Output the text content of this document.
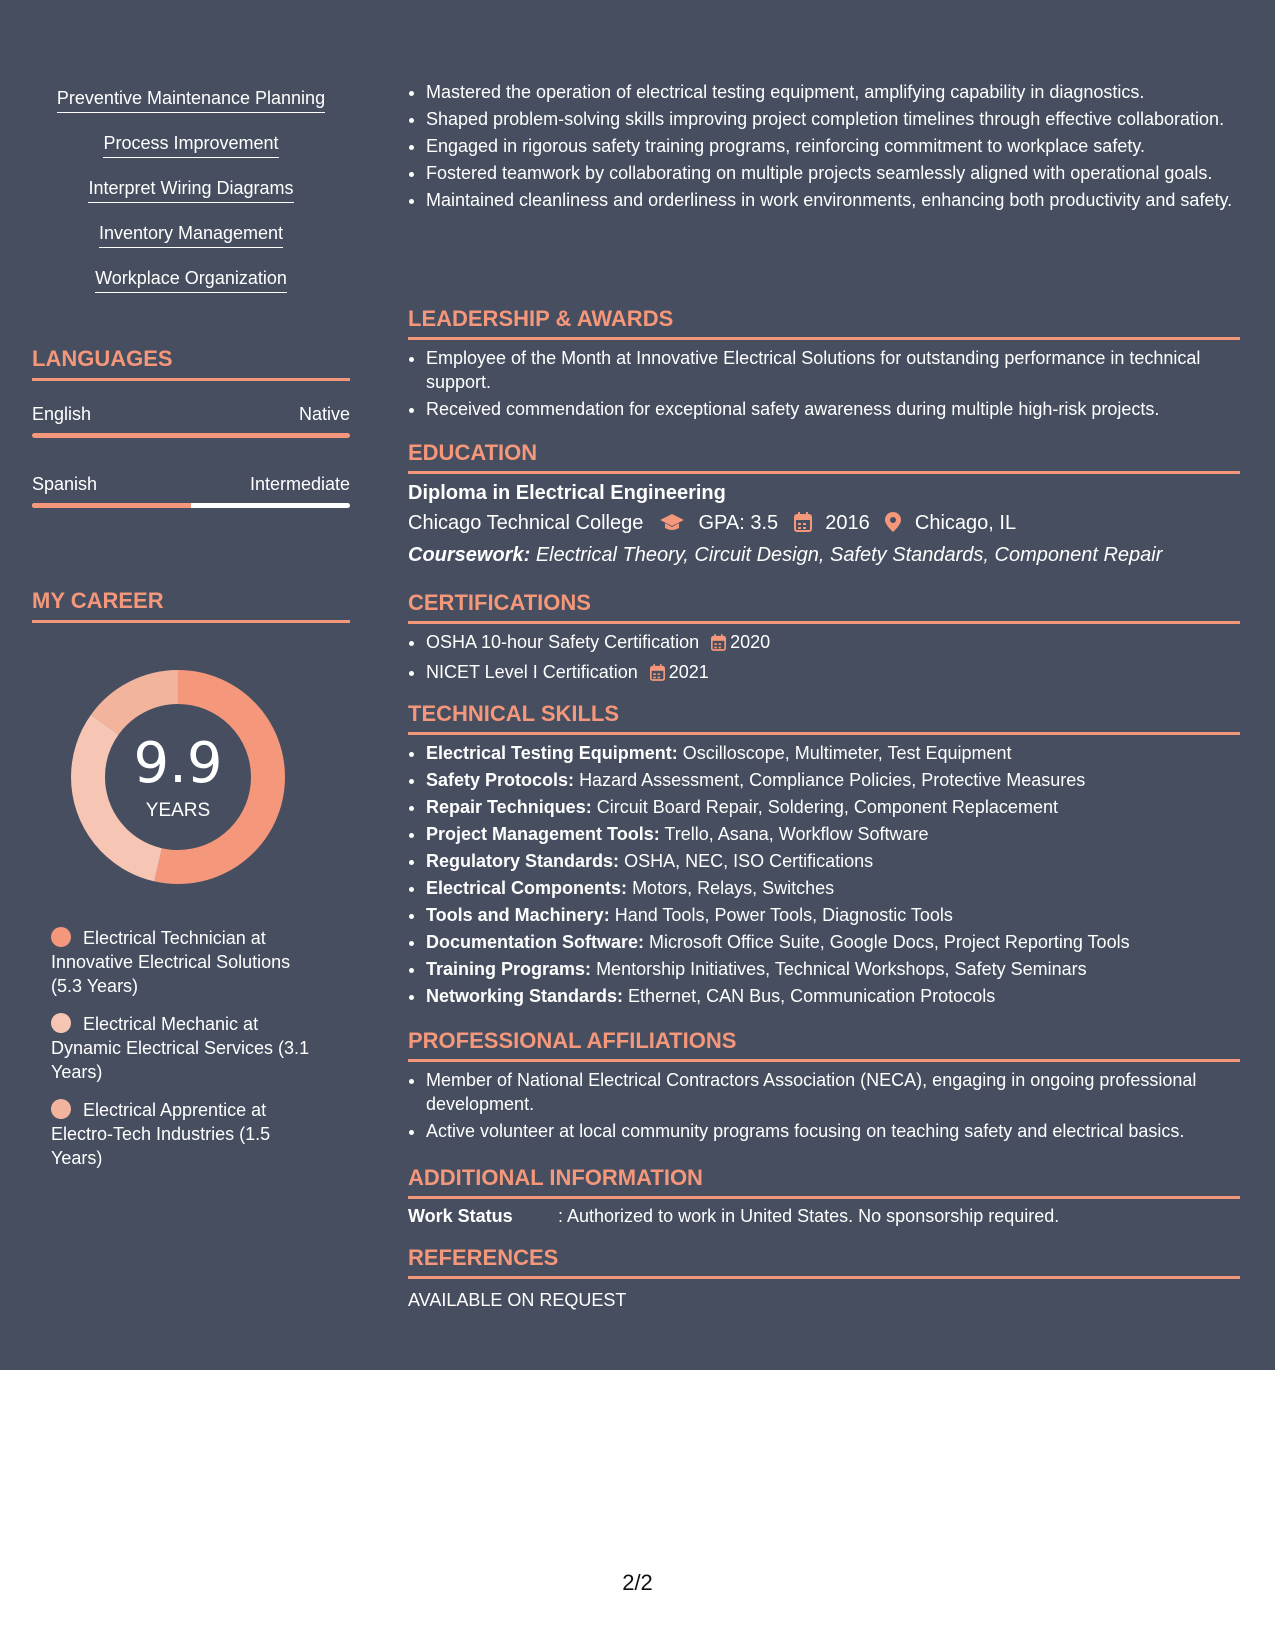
Preventive Maintenance Planning
Process Improvement
Interpret Wiring Diagrams
Inventory Management
Workplace Organization
LANGUAGES
English	Native
Spanish	Intermediate
MY CAREER
9.9
YEARS
Electrical Technician at Innovative Electrical Solutions (5.3 Years)
Electrical Mechanic at Dynamic Electrical Services (3.1 Years)
Electrical Apprentice at Electro-Tech Industries (1.5 Years)
• Mastered the operation of electrical testing equipment, amplifying capability in diagnostics.
• Shaped problem-solving skills improving project completion timelines through effective collaboration.
• Engaged in rigorous safety training programs, reinforcing commitment to workplace safety.
• Fostered teamwork by collaborating on multiple projects seamlessly aligned with operational goals.
• Maintained cleanliness and orderliness in work environments, enhancing both productivity and safety.
LEADERSHIP & AWARDS
• Employee of the Month at Innovative Electrical Solutions for outstanding performance in technical support.
• Received commendation for exceptional safety awareness during multiple high-risk projects.
EDUCATION
Diploma in Electrical Engineering
Chicago Technical College	GPA: 3.5 2016 Chicago, IL
Coursework: Electrical Theory, Circuit Design, Safety Standards, Component Repair
CERTIFICATIONS
• OSHA 10-hour Safety Certification 2020
• NICET Level I Certification 2021
TECHNICAL SKILLS
• Electrical Testing Equipment: Oscilloscope, Multimeter, Test Equipment
• Safety Protocols: Hazard Assessment, Compliance Policies, Protective Measures
• Repair Techniques: Circuit Board Repair, Soldering, Component Replacement
• Project Management Tools: Trello, Asana, Workflow Software
• Regulatory Standards: OSHA, NEC, ISO Certifications
• Electrical Components: Motors, Relays, Switches
• Tools and Machinery: Hand Tools, Power Tools, Diagnostic Tools
• Documentation Software: Microsoft Office Suite, Google Docs, Project Reporting Tools
• Training Programs: Mentorship Initiatives, Technical Workshops, Safety Seminars
• Networking Standards: Ethernet, CAN Bus, Communication Protocols
PROFESSIONAL AFFILIATIONS
• Member of National Electrical Contractors Association (NECA), engaging in ongoing professional development.
• Active volunteer at local community programs focusing on teaching safety and electrical basics.
ADDITIONAL INFORMATION
Work Status	: Authorized to work in United States. No sponsorship required.
REFERENCES
AVAILABLE ON REQUEST
2/2
